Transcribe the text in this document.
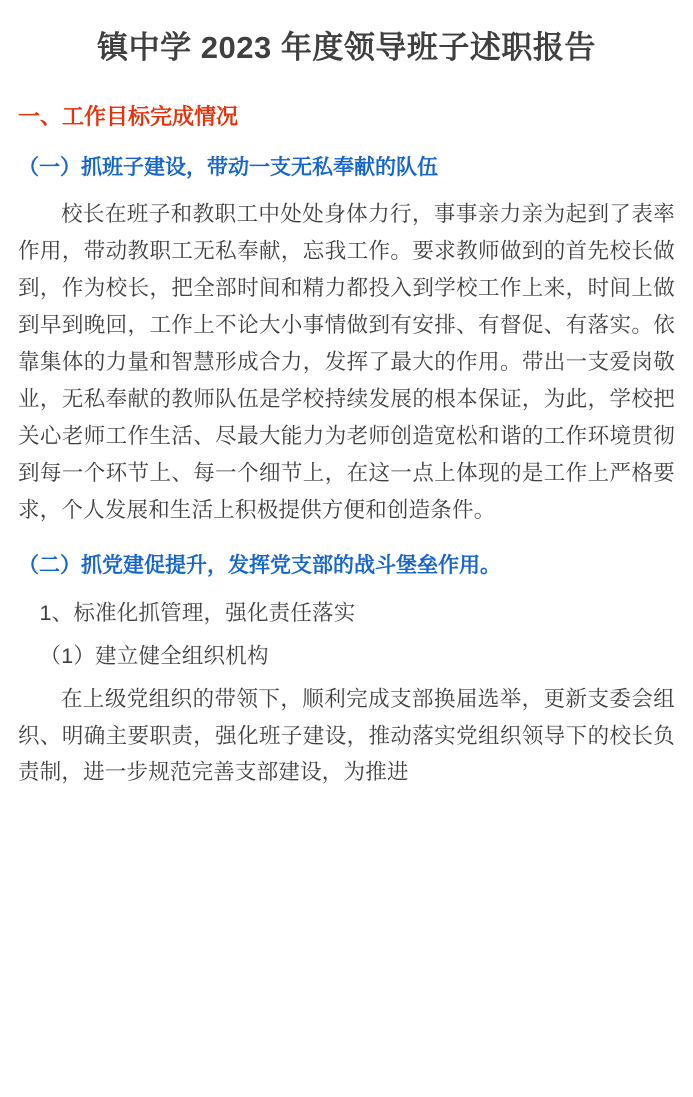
镇中学 2023 年度领导班子述职报告
一、工作目标完成情况
（一）抓班子建设，带动一支无私奉献的队伍

校长在班子和教职工中处处身体力行，事事亲力亲为起到了表率作用，带动教职工无私奉献，忘我工作。要求教师做到的首先校长做到，作为校长，把全部时间和精力都投入到学校工作上来，时间上做到早到晚回，工作上不论大小事情做到有安排、有督促、有落实。依靠集体的力量和智慧形成合力，发挥了最大的作用。带出一支爱岗敬业，无私奉献的教师队伍是学校持续发展的根本保证，为此，学校把关心老师工作生活、尽最大能力为老师创造宽松和谐的工作环境贯彻到每一个环节上、每一个细节上，在这一点上体现的是工作上严格要求，个人发展和生活上积极提供方便和创造条件。

（二）抓党建促提升，发挥党支部的战斗堡垒作用。

1、标准化抓管理，强化责任落实

（1）建立健全组织机构

在上级党组织的带领下，顺利完成支部换届选举，更新支委会组织、明确主要职责，强化班子建设，推动落实党组织领导下的校长负责制，进一步规范完善支部建设，为推进
